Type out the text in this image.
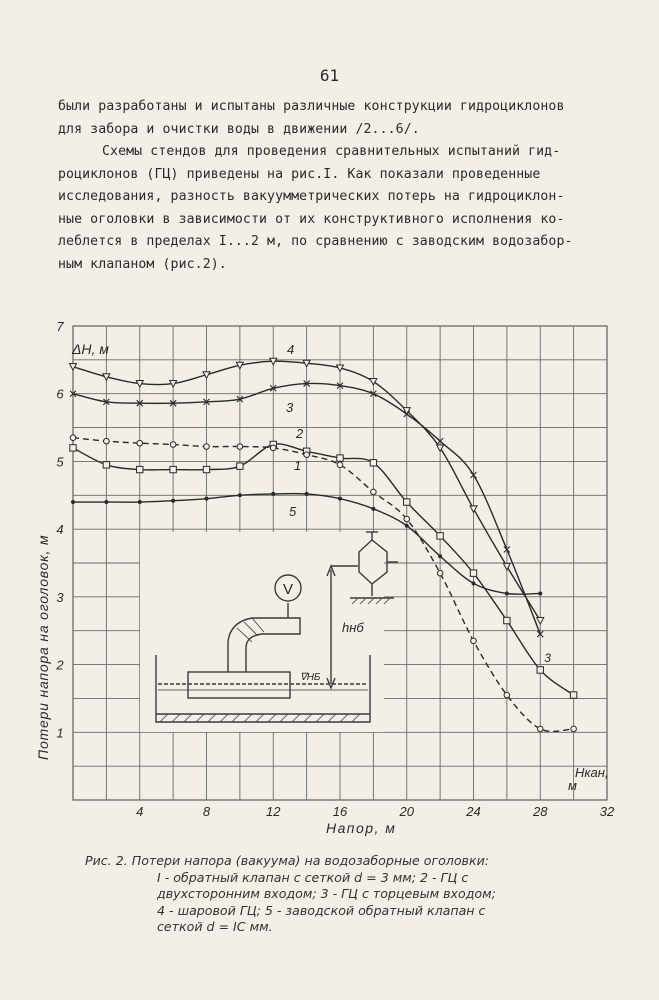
61

были разработаны и испытаны различные конструкции гидроциклонов
для забора и очистки воды в движении /2...6/.

Схемы стендов для проведения сравнительных испытаний гид-
роциклонов (ГЦ) приведены на рис.I. Как показали проведенные
исследования, разность вакуумметрических потерь на гидроциклон-
ные оголовки в зависимости от их конструктивного исполнения ко-
леблется в пределах I...2 м, по сравнению с заводским водозабор-
ным клапаном (рис.2).

V
hнб
∇НБ
1
2
3
4
5
3
4	8	12	16	20	24	28	32
1
2
3
4
5
6
7
ΔH, м
Нкан,
м
Напор, м
Потери напора на оголовок, м
Рис. 2. Потери напора (вакуума) на водозаборные оголовки:
I - обратный клапан с сеткой d = 3 мм; 2 - ГЦ с
двухсторонним входом; 3 - ГЦ с торцевым входом;
4 - шаровой ГЦ; 5 - заводской обратный клапан с
сеткой d = IC мм.
